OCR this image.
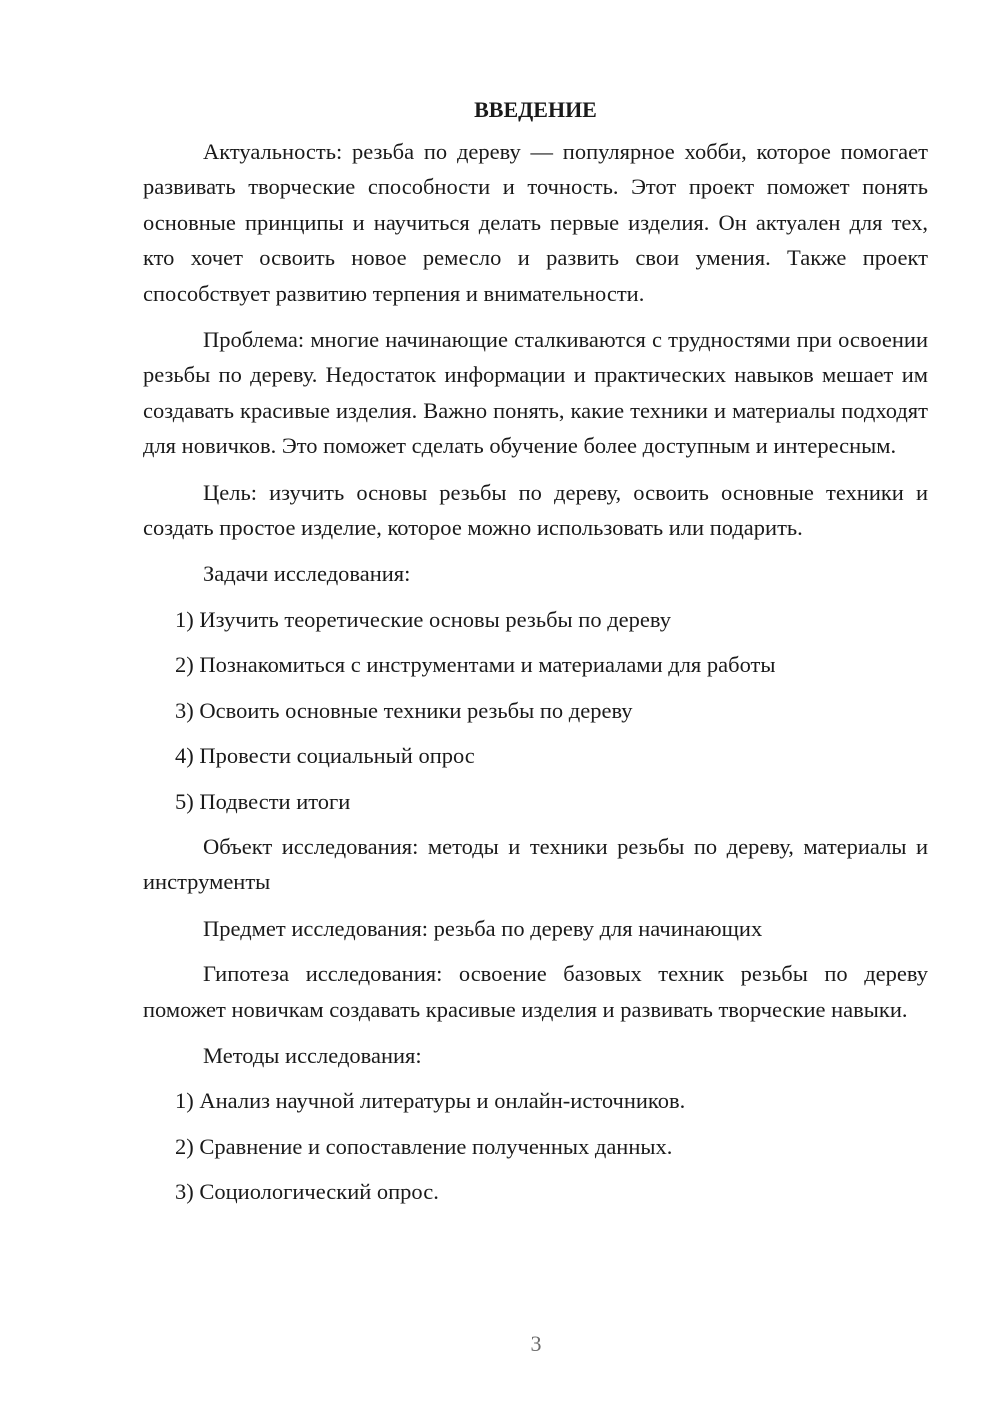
ВВЕДЕНИЕ

Актуальность: резьба по дереву — популярное хобби, которое помогает развивать творческие способности и точность. Этот проект поможет понять основные принципы и научиться делать первые изделия. Он актуален для тех, кто хочет освоить новое ремесло и развить свои умения. Также проект способствует развитию терпения и внимательности.

Проблема: многие начинающие сталкиваются с трудностями при освоении резьбы по дереву. Недостаток информации и практических навыков мешает им создавать красивые изделия. Важно понять, какие техники и материалы подходят для новичков. Это поможет сделать обучение более доступным и интересным.

Цель: изучить основы резьбы по дереву, освоить основные техники и создать простое изделие, которое можно использовать или подарить.

Задачи исследования:

1) Изучить теоретические основы резьбы по дереву
2) Познакомиться с инструментами и материалами для работы
3) Освоить основные техники резьбы по дереву
4) Провести социальный опрос
5) Подвести итоги

Объект исследования: методы и техники резьбы по дереву, материалы и инструменты

Предмет исследования: резьба по дереву для начинающих

Гипотеза исследования: освоение базовых техник резьбы по дереву поможет новичкам создавать красивые изделия и развивать творческие навыки.

Методы исследования:

1) Анализ научной литературы и онлайн-источников.
2) Сравнение и сопоставление полученных данных.
3) Социологический опрос.
3
